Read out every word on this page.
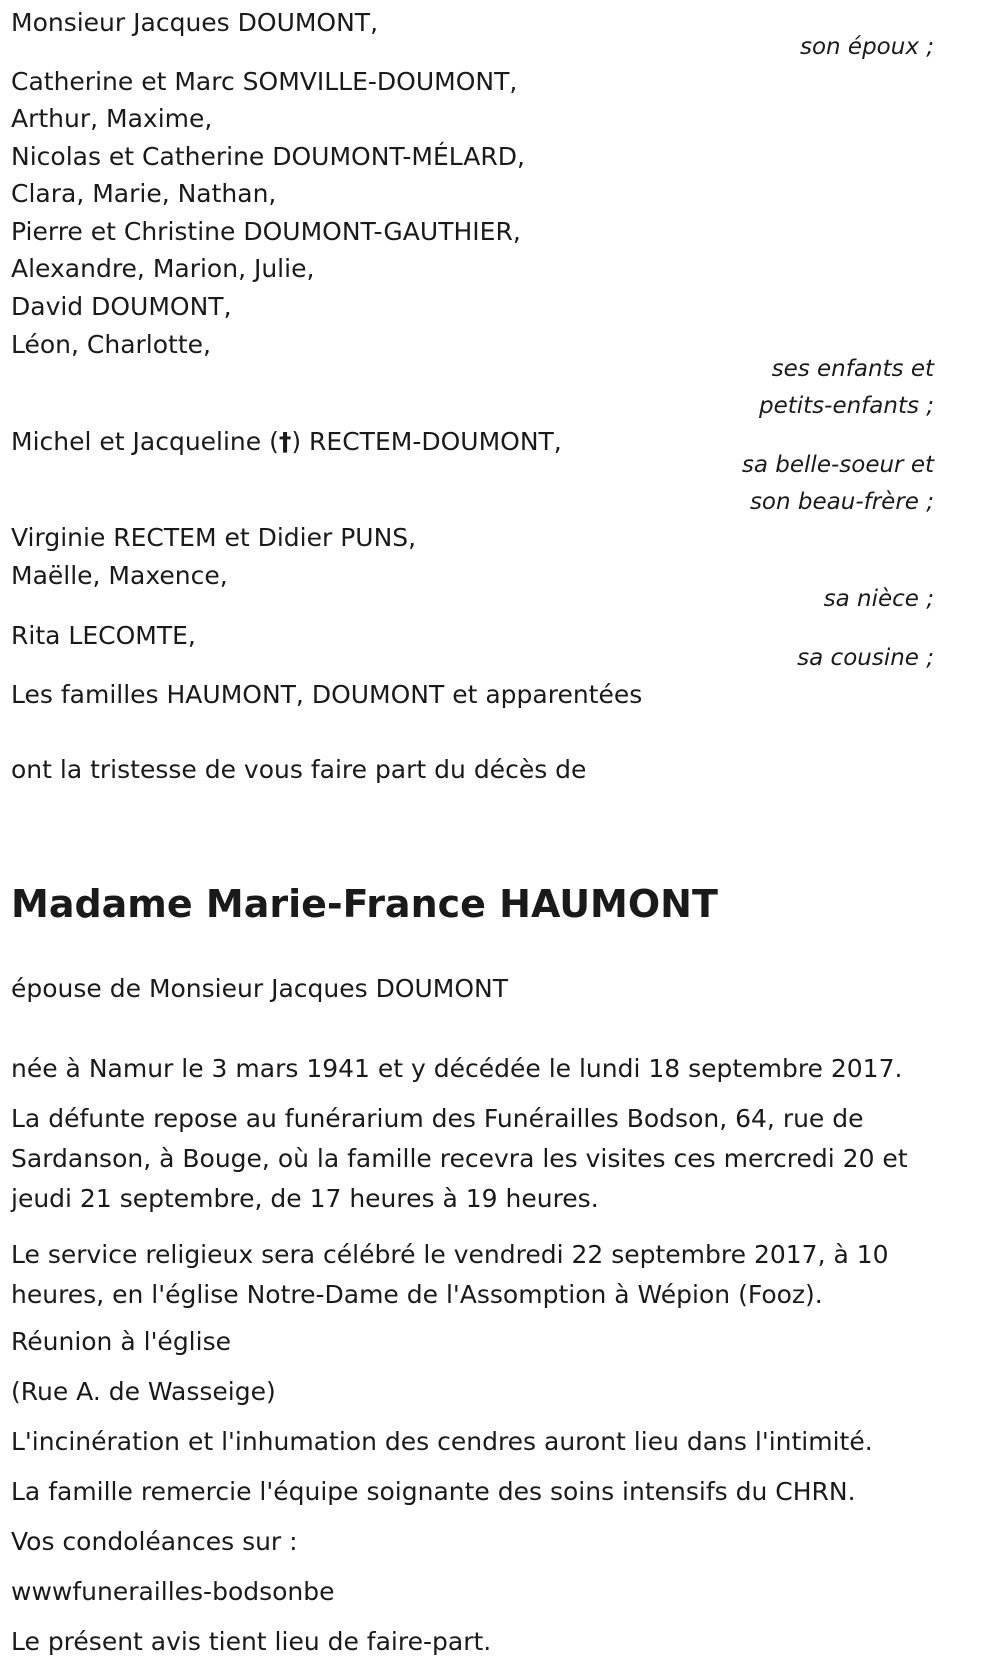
Monsieur Jacques DOUMONT,
son époux ;
Catherine et Marc SOMVILLE-DOUMONT,
Arthur, Maxime,
Nicolas et Catherine DOUMONT-MÉLARD,
Clara, Marie, Nathan,
Pierre et Christine DOUMONT-GAUTHIER,
Alexandre, Marion, Julie,
David DOUMONT,
Léon, Charlotte,
ses enfants et
petits-enfants ;
Michel et Jacqueline (†) RECTEM-DOUMONT,
sa belle-soeur et
son beau-frère ;
Virginie RECTEM et Didier PUNS,
Maëlle, Maxence,
sa nièce ;
Rita LECOMTE,
sa cousine ;
Les familles HAUMONT, DOUMONT et apparentées
ont la tristesse de vous faire part du décès de
Madame Marie-France HAUMONT
épouse de Monsieur Jacques DOUMONT
née à Namur le 3 mars 1941 et y décédée le lundi 18 septembre 2017.
La défunte repose au funérarium des Funérailles Bodson, 64, rue de Sardanson, à Bouge, où la famille recevra les visites ces mercredi 20 et jeudi 21 septembre, de 17 heures à 19 heures.
Le service religieux sera célébré le vendredi 22 septembre 2017, à 10 heures, en l'église Notre-Dame de l'Assomption à Wépion (Fooz).
Réunion à l'église
(Rue A. de Wasseige)
L'incinération et l'inhumation des cendres auront lieu dans l'intimité.
La famille remercie l'équipe soignante des soins intensifs du CHRN.
Vos condoléances sur :
wwwfunerailles-bodsonbe
Le présent avis tient lieu de faire-part.
